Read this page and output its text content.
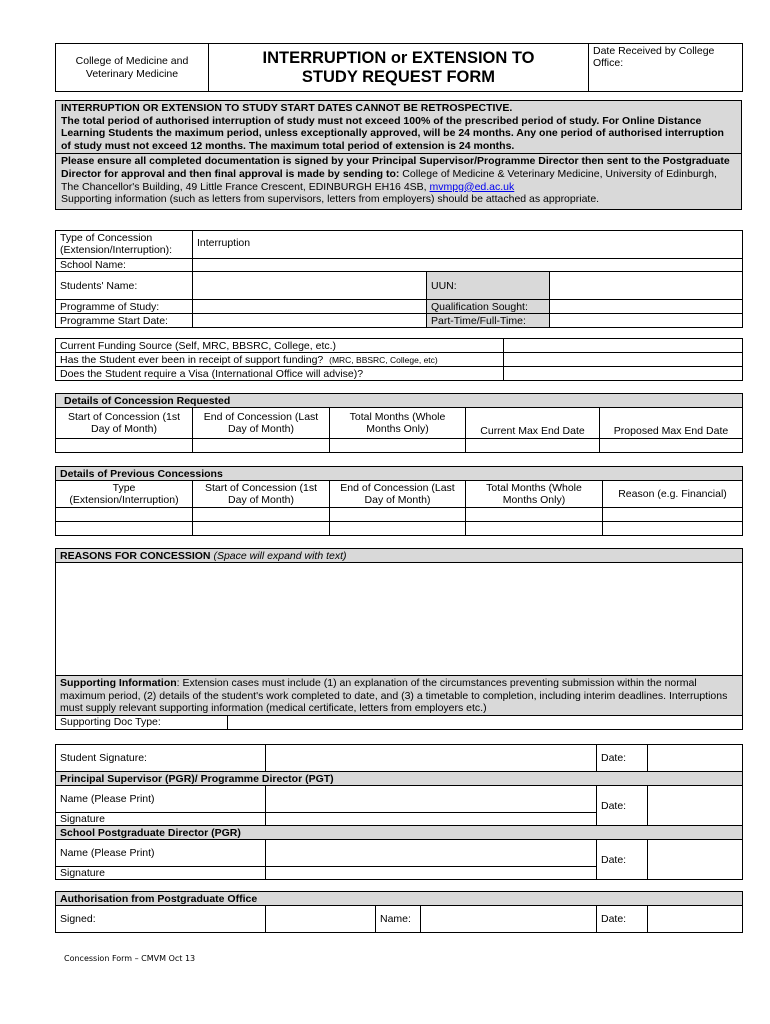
College of Medicine and Veterinary Medicine	
INTERRUPTION or EXTENSION TO
STUDY REQUEST FORM
	Date Received by College Office:
INTERRUPTION OR EXTENSION TO STUDY START DATES CANNOT BE RETROSPECTIVE.
The total period of authorised interruption of study must not exceed 100% of the prescribed period of study. For Online Distance Learning Students the maximum period, unless exceptionally approved, will be 24 months. Any one period of authorised interruption of study must not exceed 12 months. The maximum total period of extension is 24 months.
Please ensure all completed documentation is signed by your Principal Supervisor/Programme Director then sent to the Postgraduate Director for approval and then final approval is made by sending to: College of Medicine & Veterinary Medicine, University of Edinburgh, The Chancellor's Building, 49 Little France Crescent, EDINBURGH EH16 4SB, mvmpg@ed.ac.uk
Supporting information (such as letters from supervisors, letters from employers) should be attached as appropriate.
Type of Concession (Extension/Interruption):	Interruption		
School Name:			
Students' Name:		UUN:	
Programme of Study:		Qualification Sought:	
Programme Start Date:		Part-Time/Full-Time:	
Current Funding Source (Self, MRC, BBSRC, College, etc.)	
Has the Student ever been in receipt of support funding? (MRC, BBSRC, College, etc)	
Does the Student require a Visa (International Office will advise)?	
Details of Concession Requested				
Start of Concession (1st Day of Month)	End of Concession (Last Day of Month)	Total Months (Whole Months Only)	Current Max End Date	Proposed Max End Date

Details of Previous Concessions				
Type (Extension/Interruption)	Start of Concession (1st Day of Month)	End of Concession (Last Day of Month)	Total Months (Whole Months Only)	Reason (e.g. Financial)

REASONS FOR CONCESSION (Space will expand with text)

Supporting Information: Extension cases must include (1) an explanation of the circumstances preventing submission within the normal maximum period, (2) details of the student's work completed to date, and (3) a timetable to completion, including interim deadlines. Interruptions must supply relevant supporting information (medical certificate, letters from employers etc.)
Supporting Doc Type:	
Student Signature:		Date:	
Principal Supervisor (PGR)/ Programme Director (PGT)			
Name (Please Print)		Date:	
Signature			
School Postgraduate Director (PGR)			
Name (Please Print)		Date:	
Signature			
Authorisation from Postgraduate Office
Signed:		Name:		Date:	
Concession Form – CMVM Oct 13
